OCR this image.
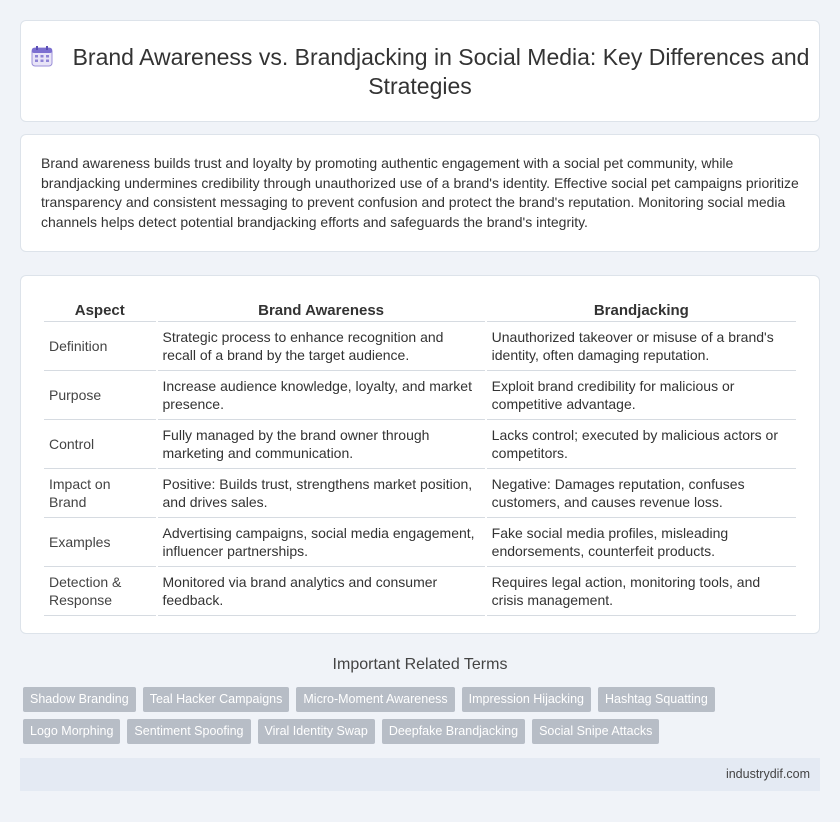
Brand Awareness vs. Brandjacking in Social Media: Key Differences and Strategies

Brand awareness builds trust and loyalty by promoting authentic engagement with a social pet community, while brandjacking undermines credibility through unauthorized use of a brand's identity. Effective social pet campaigns prioritize transparency and consistent messaging to prevent confusion and protect the brand's reputation. Monitoring social media channels helps detect potential brandjacking efforts and safeguards the brand's integrity.

Aspect	Brand Awareness	Brandjacking
Definition	Strategic process to enhance recognition and recall of a brand by the target audience.	Unauthorized takeover or misuse of a brand's identity, often damaging reputation.
Purpose	Increase audience knowledge, loyalty, and market presence.	Exploit brand credibility for malicious or competitive advantage.
Control	Fully managed by the brand owner through marketing and communication.	Lacks control; executed by malicious actors or competitors.
Impact on Brand	Positive: Builds trust, strengthens market position, and drives sales.	Negative: Damages reputation, confuses customers, and causes revenue loss.
Examples	Advertising campaigns, social media engagement, influencer partnerships.	Fake social media profiles, misleading endorsements, counterfeit products.
Detection & Response	Monitored via brand analytics and consumer feedback.	Requires legal action, monitoring tools, and crisis management.
Important Related Terms
Shadow Branding	Teal Hacker Campaigns	Micro-Moment Awareness	Impression Hijacking	Hashtag Squatting
Logo Morphing	Sentiment Spoofing	Viral Identity Swap	Deepfake Brandjacking	Social Snipe Attacks
industrydif.com
